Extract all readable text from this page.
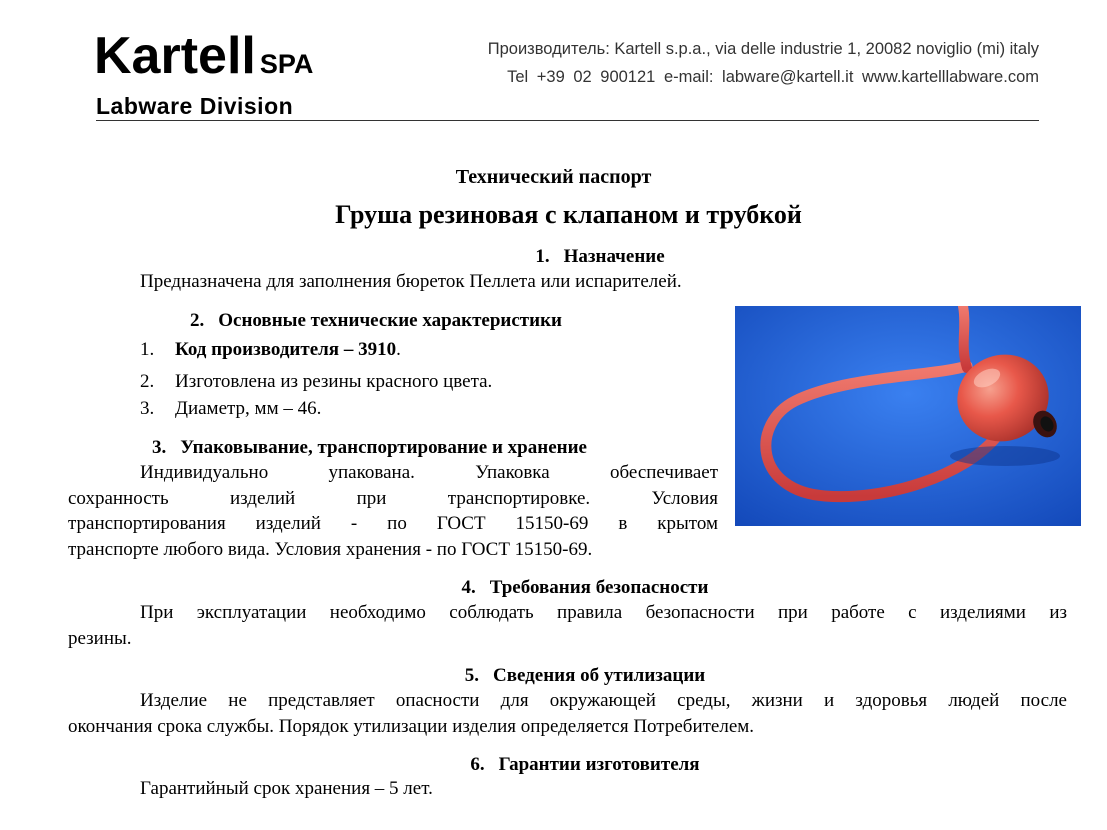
Kartell SPA
Labware Division
Производитель: Kartell s.p.a., via delle industrie 1, 20082 noviglio (mi) italy
Tel +39 02 900121 e-mail: labware@kartell.it www.kartelllabware.com
Технический паспорт
Груша резиновая с клапаном и трубкой
1. Назначение
Предназначена для заполнения бюреток Пеллета или испарителей.
2. Основные технические характеристики
1. Код производителя – 3910.
2. Изготовлена из резины красного цвета.
3. Диаметр, мм – 46.
3. Упаковывание, транспортирование и хранение
Индивидуально упакована. Упаковка обеспечивает
сохранность изделий при транспортировке. Условия
транспортирования изделий - по ГОСТ 15150-69 в крытом
транспорте любого вида. Условия хранения - по ГОСТ 15150-69.
4. Требования безопасности
При эксплуатации необходимо соблюдать правила безопасности при работе с изделиями из
резины.
5. Сведения об утилизации
Изделие не представляет опасности для окружающей среды, жизни и здоровья людей после
окончания срока службы. Порядок утилизации изделия определяется Потребителем.
6. Гарантии изготовителя
Гарантийный срок хранения – 5 лет.
